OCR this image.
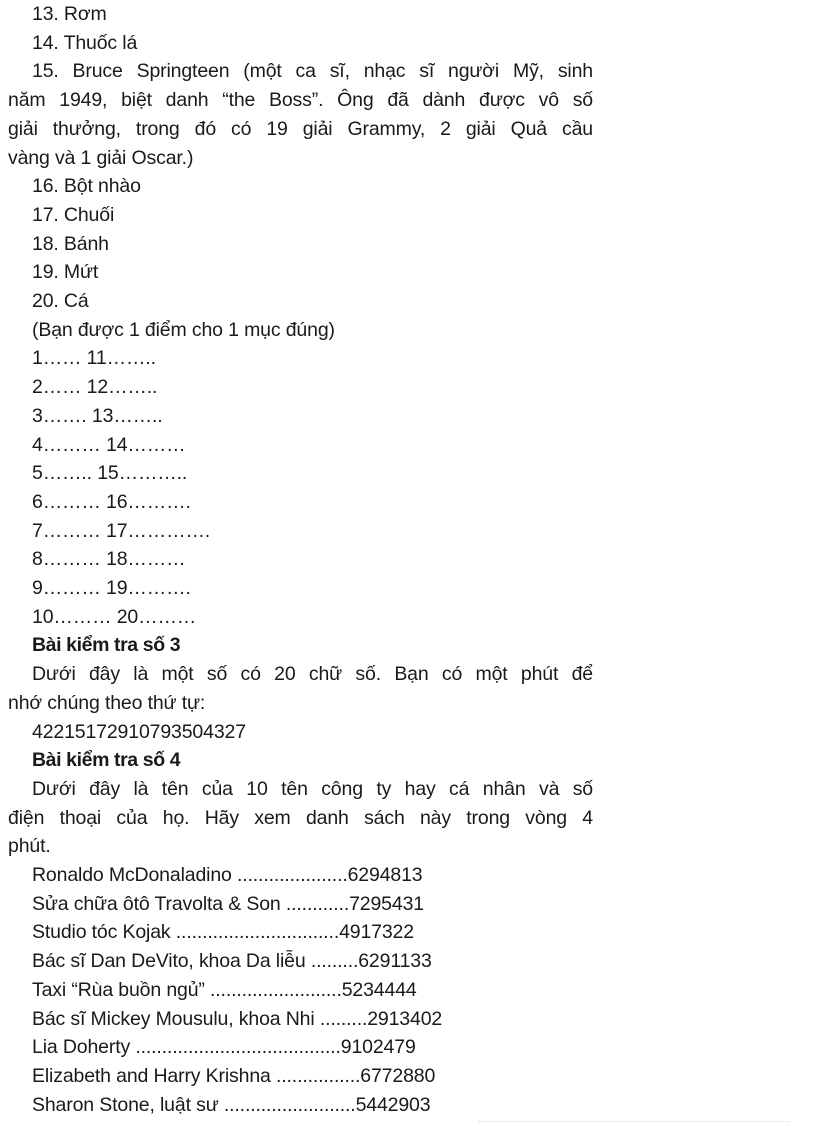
13. Rơm
14. Thuốc lá
15. Bruce Springteen (một ca sĩ, nhạc sĩ người Mỹ, sinh
năm 1949, biệt danh “the Boss”. Ông đã dành được vô số
giải thưởng, trong đó có 19 giải Grammy, 2 giải Quả cầu
vàng và 1 giải Oscar.)
16. Bột nhào
17. Chuối
18. Bánh
19. Mứt
20. Cá
(Bạn được 1 điểm cho 1 mục đúng)
1…… 11……..
2…… 12……..
3……. 13……..
4……… 14………
5…….. 15………..
6……… 16……….
7……… 17………….
8……… 18………
9……… 19……….
10……… 20………
Bài kiểm tra số 3
Dưới đây là một số có 20 chữ số. Bạn có một phút để
nhớ chúng theo thứ tự:
42215172910793504327
Bài kiểm tra số 4
Dưới đây là tên của 10 tên công ty hay cá nhân và số
điện thoại của họ. Hãy xem danh sách này trong vòng 4
phút.
Ronaldo McDonaladino .....................6294813
Sửa chữa ôtô Travolta & Son ............7295431
Studio tóc Kojak ...............................4917322
Bác sĩ Dan DeVito, khoa Da liễu .........6291133
Taxi “Rùa buồn ngủ” .........................5234444
Bác sĩ Mickey Mousulu, khoa Nhi .........2913402
Lia Doherty .......................................9102479
Elizabeth and Harry Krishna ................6772880
Sharon Stone, luật sư .........................5442903
